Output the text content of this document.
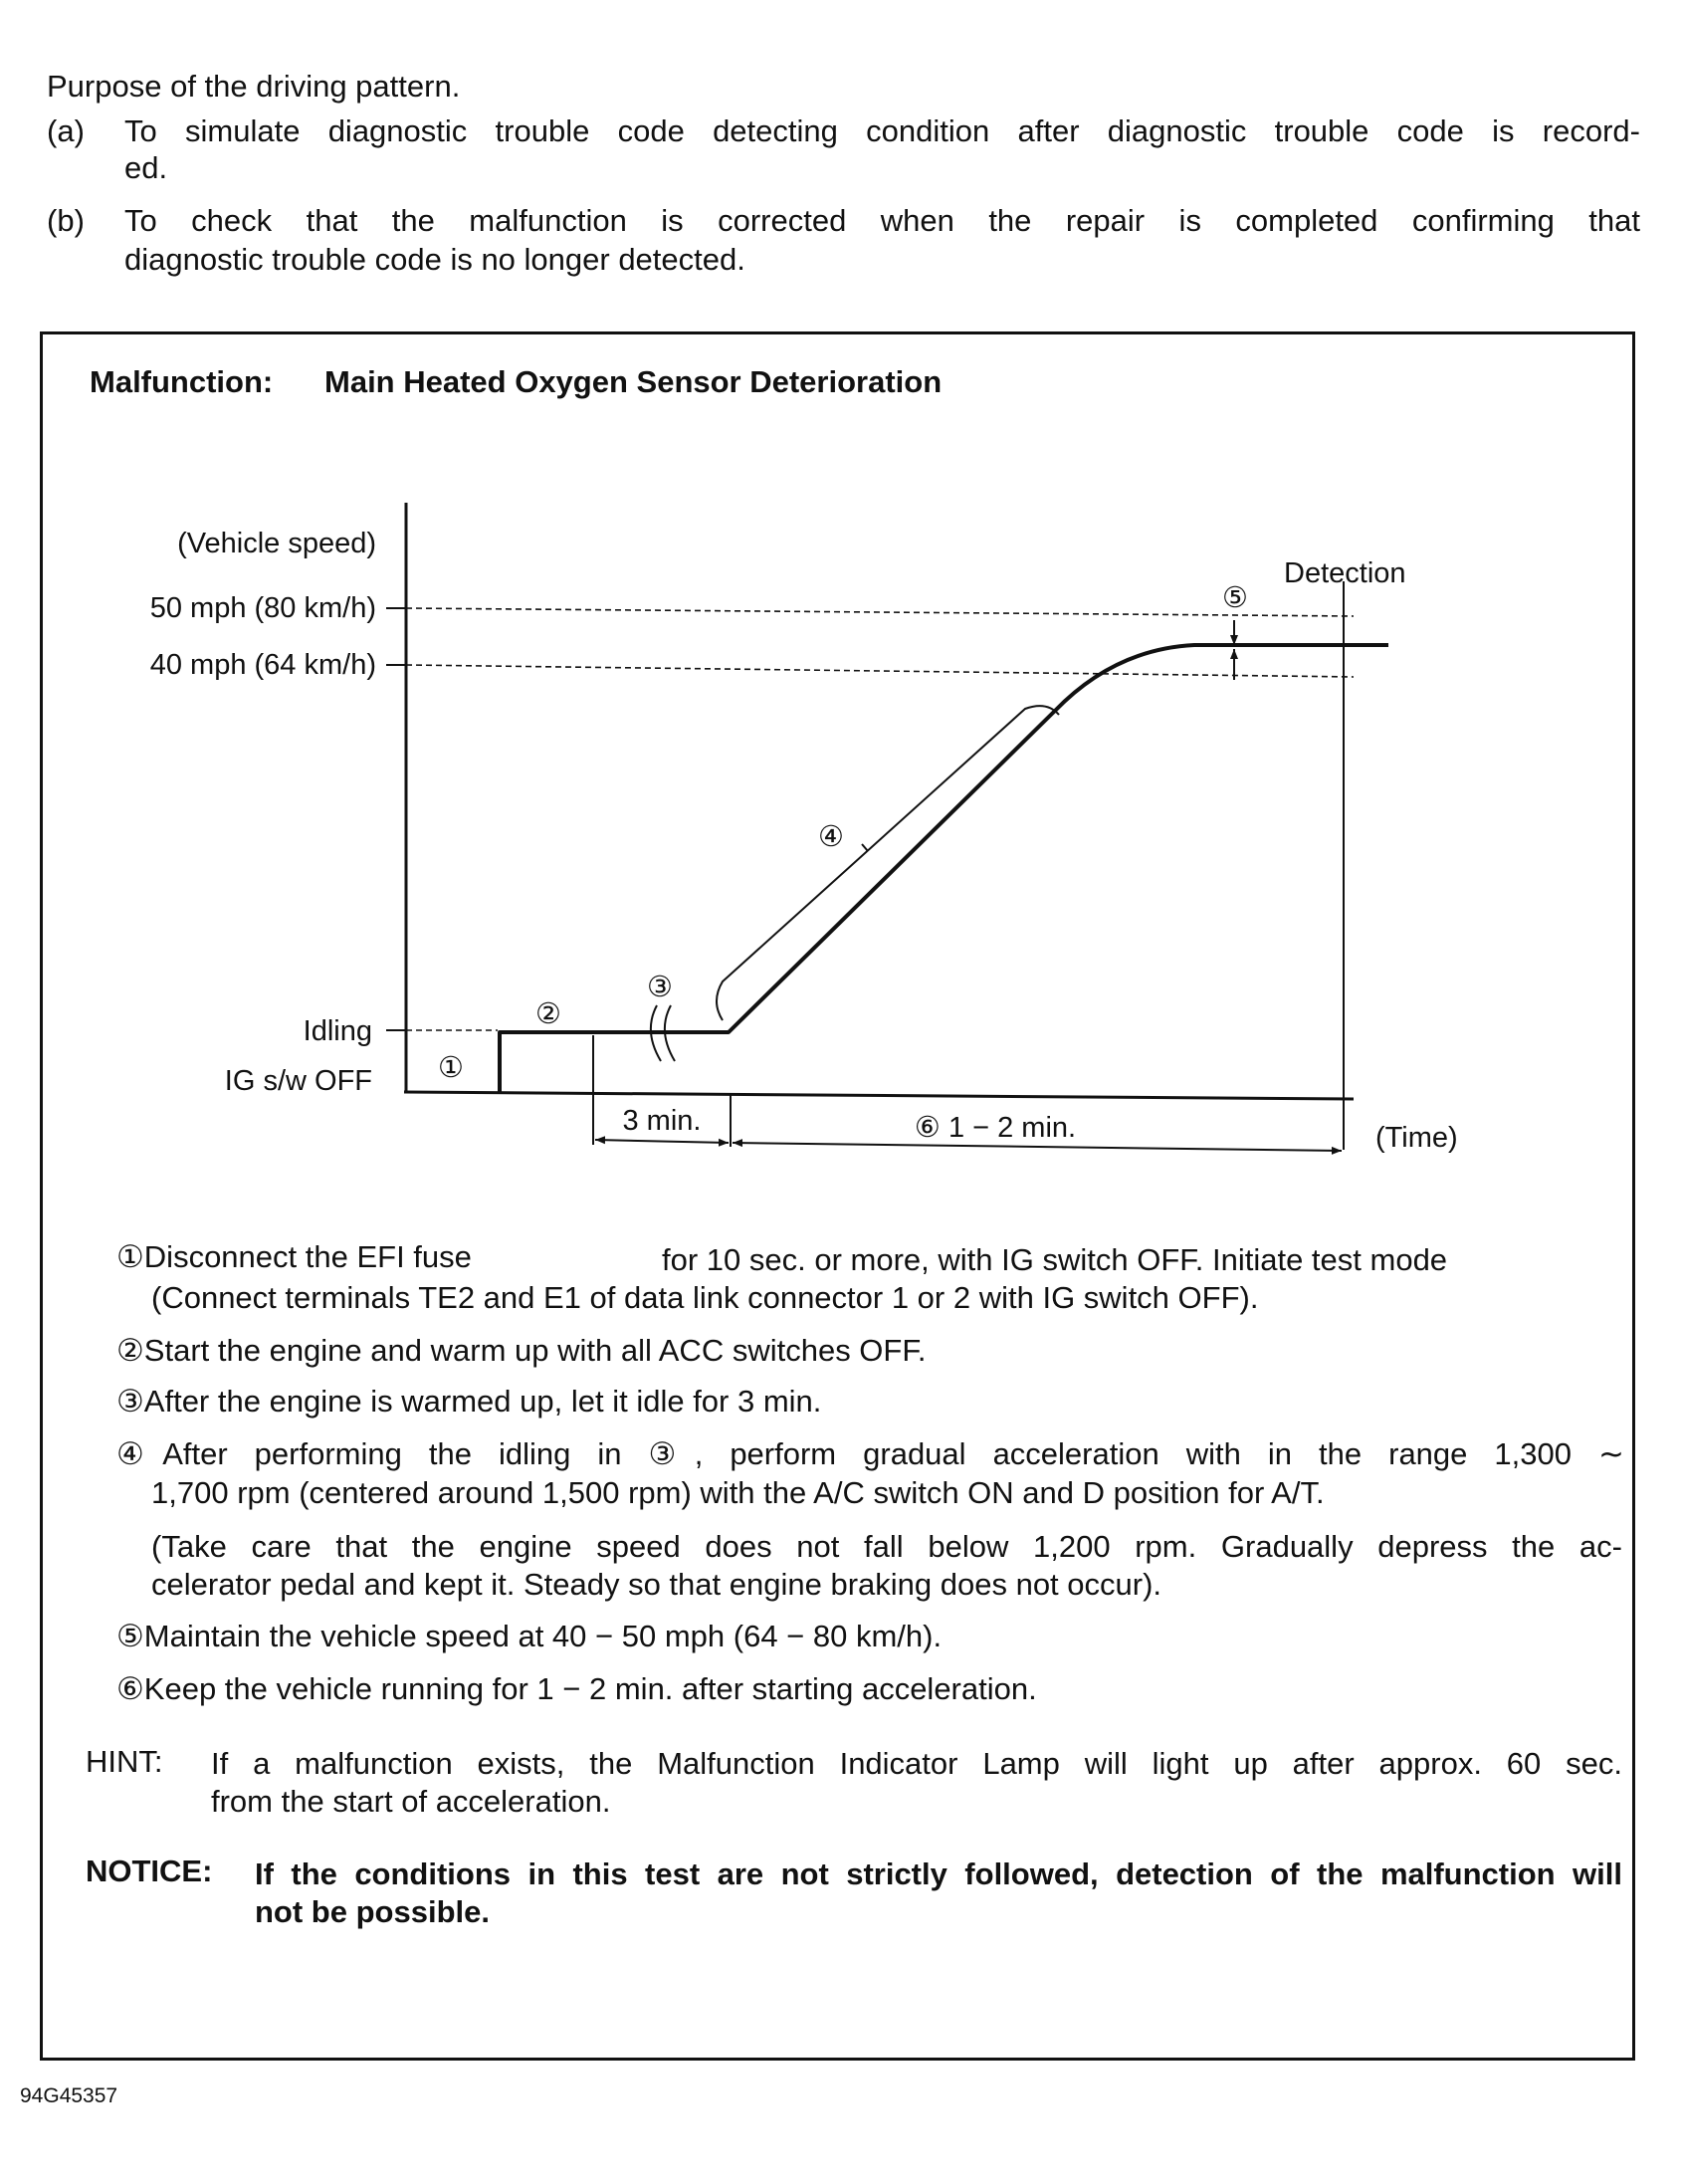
Purpose of the driving pattern.
(a) To simulate diagnostic trouble code detecting condition after diagnostic trouble code is record-
ed.
(b) To check that the malfunction is corrected when the repair is completed confirming that
diagnostic trouble code is no longer detected.
Malfunction: Main Heated Oxygen Sensor Deterioration
(Vehicle speed)
50 mph (80 km/h)
40 mph (64 km/h)
Idling
IG s/w OFF
Detection
①
②
③
④
⑤
3 min.	⑥ 1 − 2 min.	(Time)
①Disconnect the EFI fuse	for 10 sec. or more, with IG switch OFF. Initiate test mode
(Connect terminals TE2 and E1 of data link connector 1 or 2 with IG switch OFF).
②Start the engine and warm up with all ACC switches OFF.
③After the engine is warmed up, let it idle for 3 min.
④After performing the idling in ③, perform gradual acceleration with in the range 1,300 ∼
1,700 rpm (centered around 1,500 rpm) with the A/C switch ON and D position for A/T.
(Take care that the engine speed does not fall below 1,200 rpm. Gradually depress the ac-
celerator pedal and kept it. Steady so that engine braking does not occur).
⑤Maintain the vehicle speed at 40 − 50 mph (64 − 80 km/h).
⑥Keep the vehicle running for 1 − 2 min. after starting acceleration.
HINT: If a malfunction exists, the Malfunction Indicator Lamp will light up after approx. 60 sec.
from the start of acceleration.
NOTICE: If the conditions in this test are not strictly followed, detection of the malfunction will
not be possible.
94G45357
